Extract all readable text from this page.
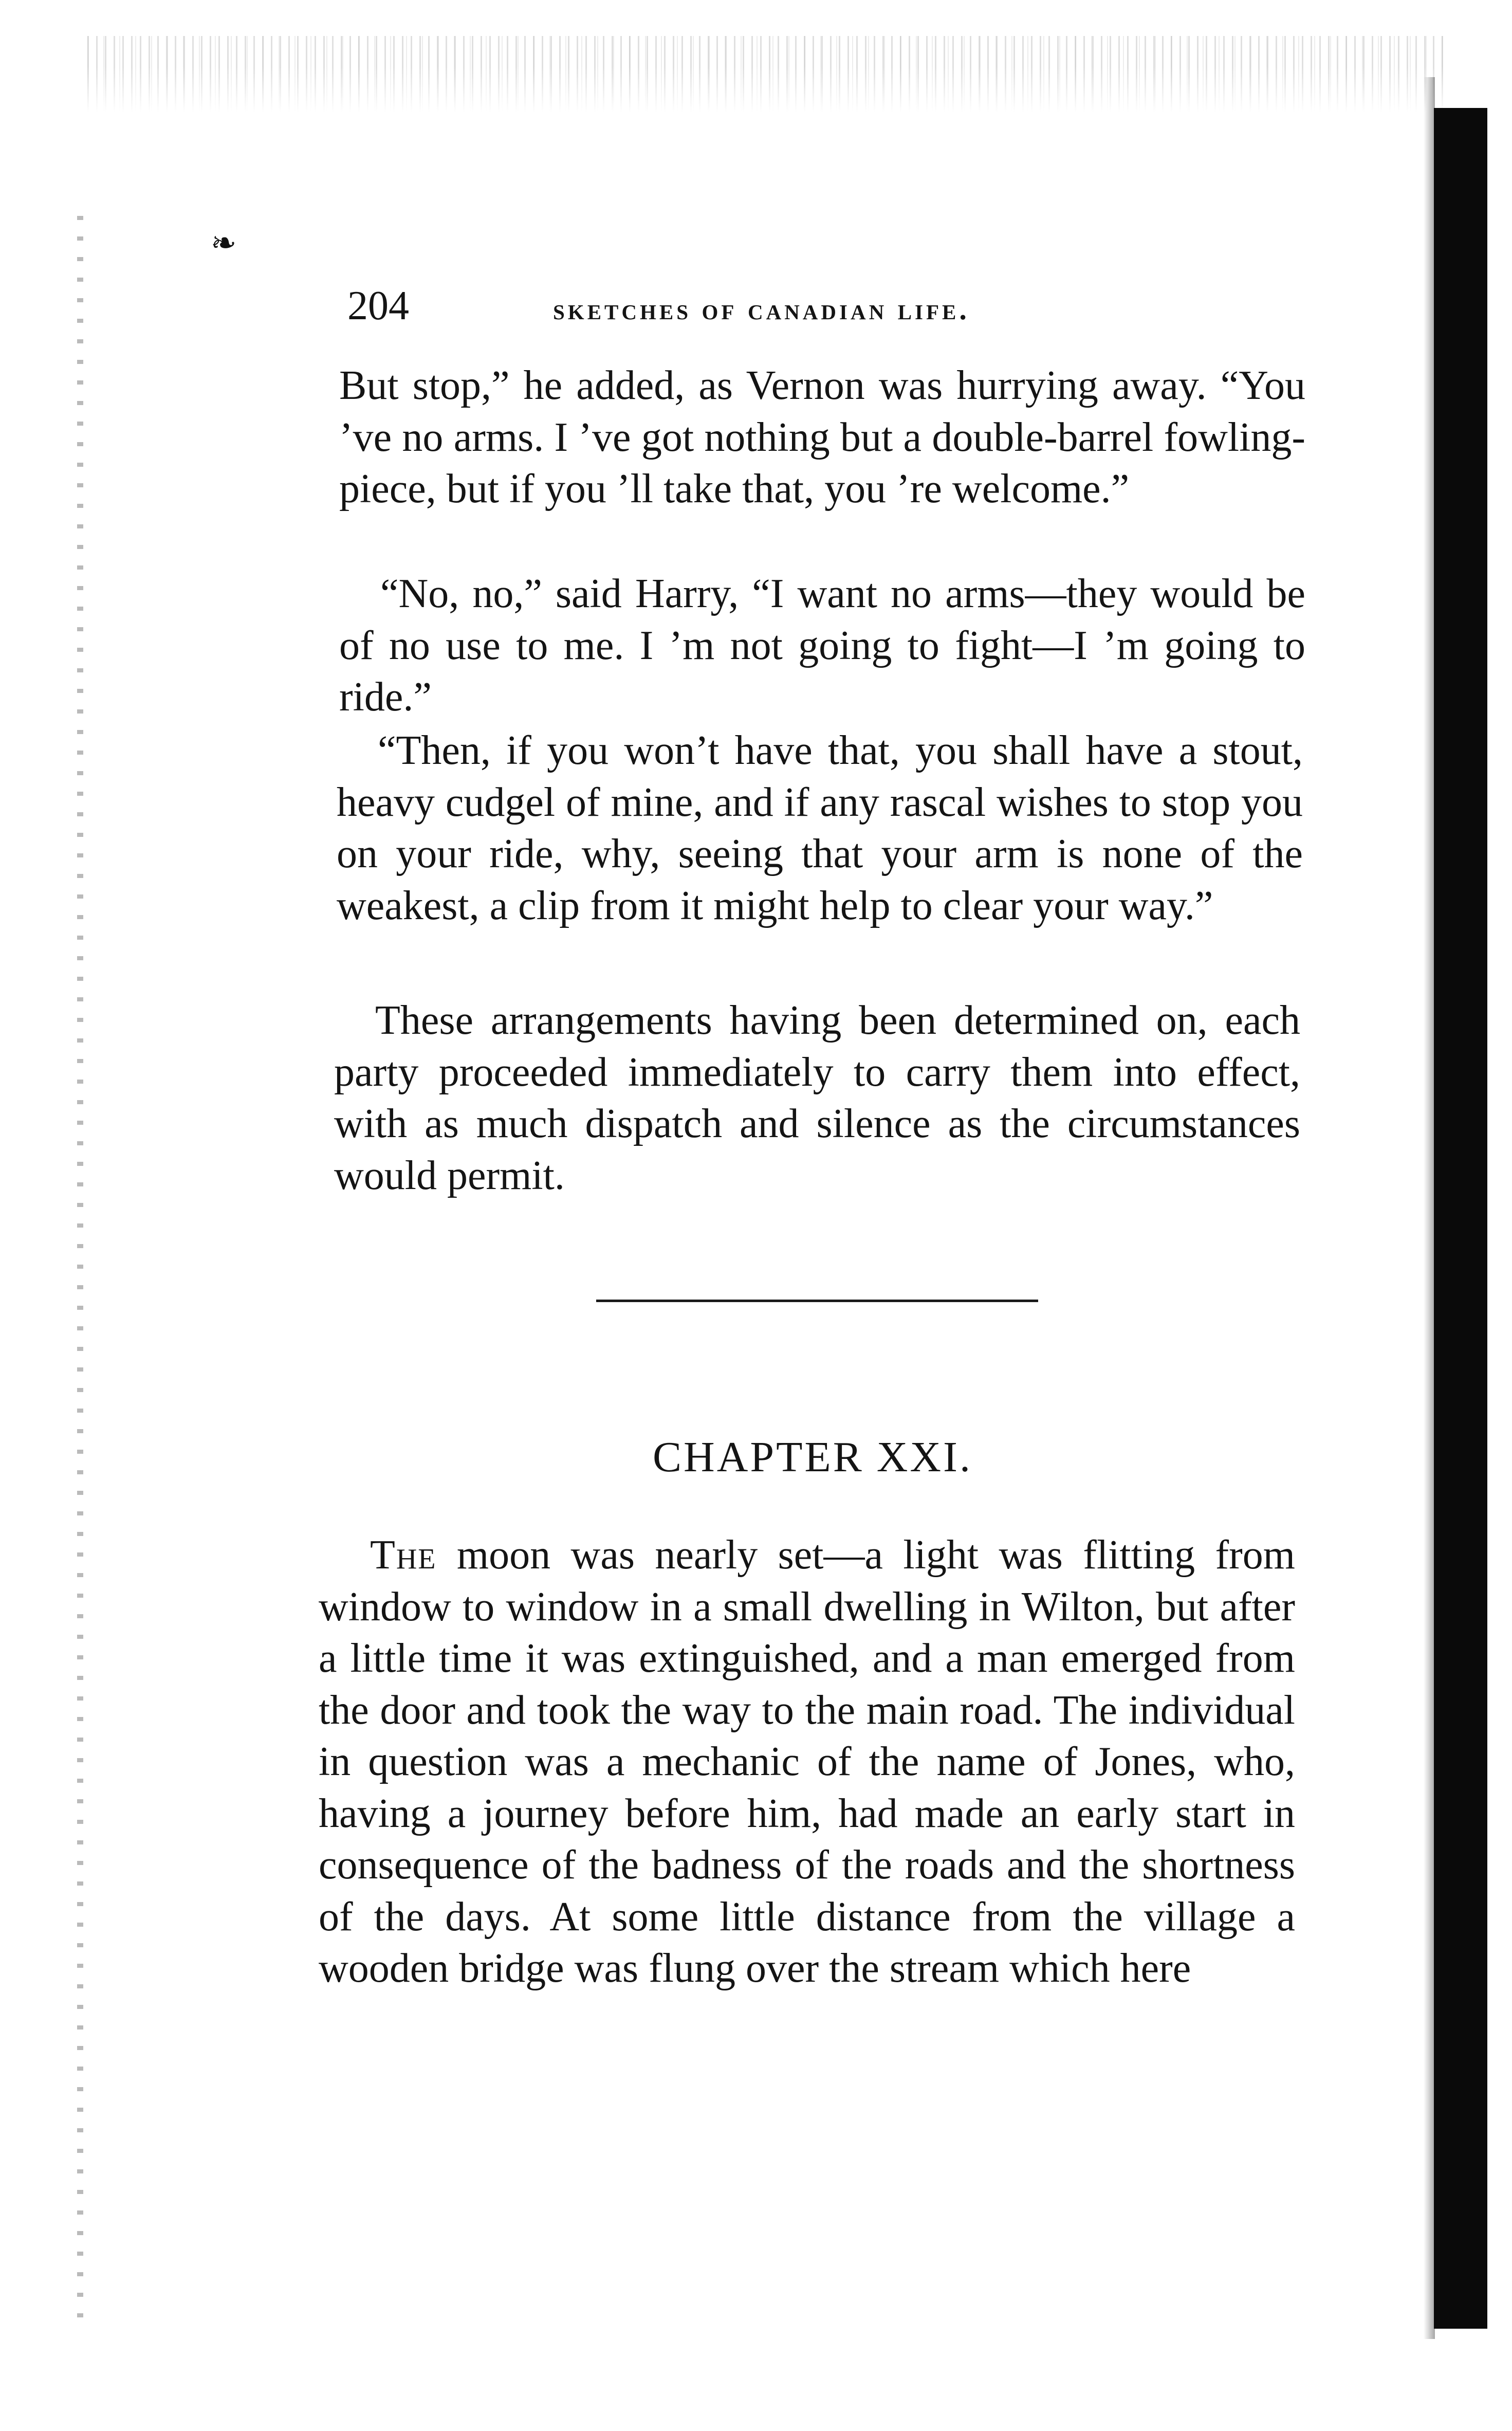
❧
204	sketches of canadian life.

But stop,” he added, as Vernon was hurrying away. “You ’ve no arms. I ’ve got nothing but a double-barrel fowling-piece, but if you ’ll take that, you ’re welcome.”

“No, no,” said Harry, “I want no arms—they would be of no use to me. I ’m not going to fight—I ’m going to ride.”

“Then, if you won’t have that, you shall have a stout, heavy cudgel of mine, and if any rascal wishes to stop you on your ride, why, seeing that your arm is none of the weakest, a clip from it might help to clear your way.”

These arrangements having been determined on, each party proceeded immediately to carry them into effect, with as much dispatch and silence as the circumstances would permit.

CHAPTER XXI.

The moon was nearly set—a light was flitting from window to window in a small dwelling in Wilton, but after a little time it was extinguished, and a man emerged from the door and took the way to the main road. The individual in question was a mechanic of the name of Jones, who, having a journey before him, had made an early start in consequence of the badness of the roads and the shortness of the days. At some little distance from the village a wooden bridge was flung over the stream which here
